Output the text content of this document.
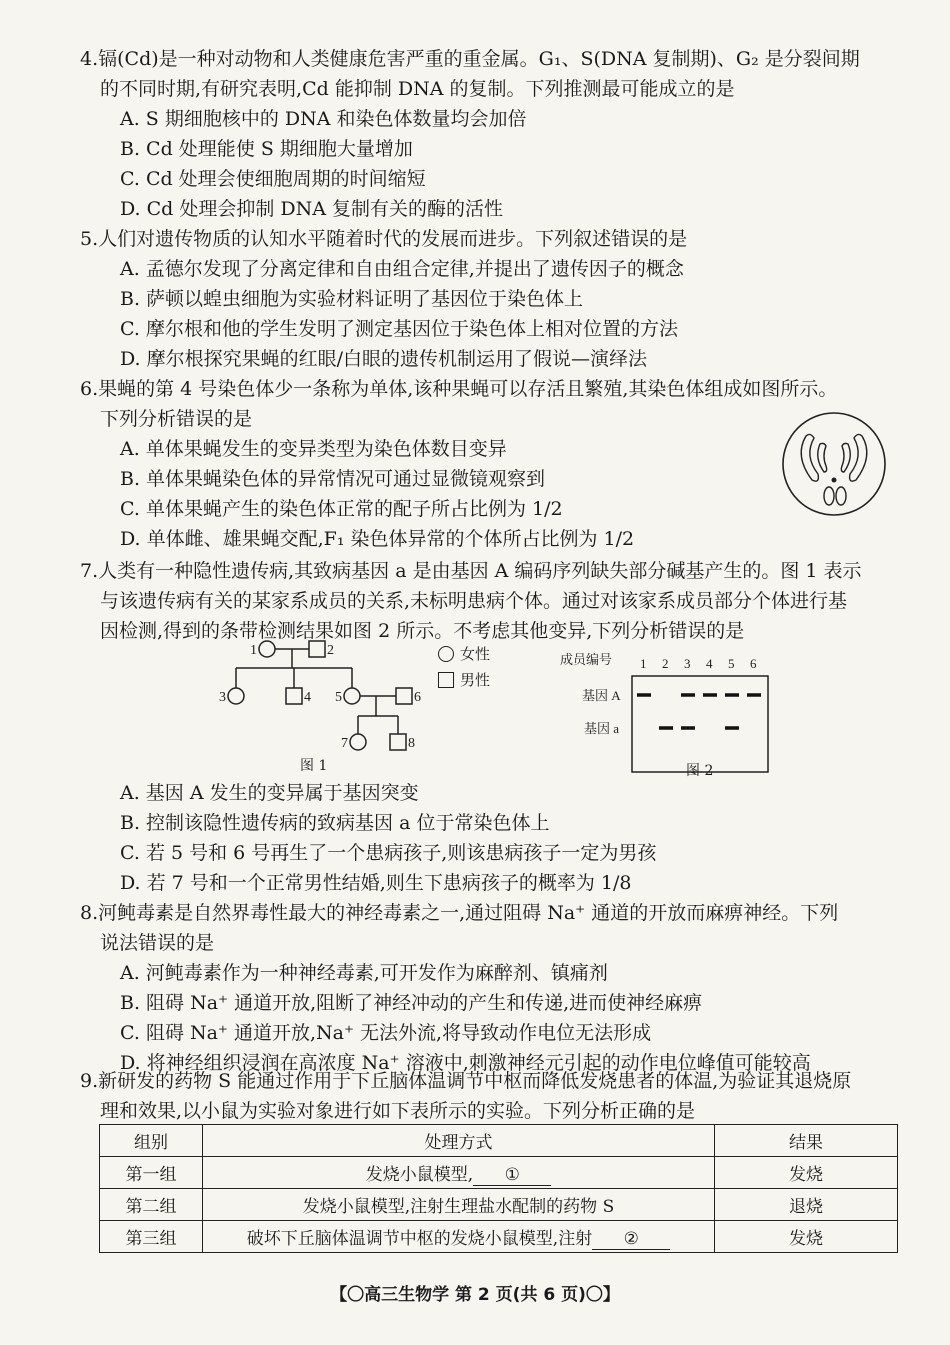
4.镉(Cd)是一种对动物和人类健康危害严重的重金属。G₁、S(DNA 复制期)、G₂ 是分裂间期

的不同时期,有研究表明,Cd 能抑制 DNA 的复制。下列推测最可能成立的是

A. S 期细胞核中的 DNA 和染色体数量均会加倍
B. Cd 处理能使 S 期细胞大量增加
C. Cd 处理会使细胞周期的时间缩短
D. Cd 处理会抑制 DNA 复制有关的酶的活性

5.人们对遗传物质的认知水平随着时代的发展而进步。下列叙述错误的是

A. 孟德尔发现了分离定律和自由组合定律,并提出了遗传因子的概念
B. 萨顿以蝗虫细胞为实验材料证明了基因位于染色体上
C. 摩尔根和他的学生发明了测定基因位于染色体上相对位置的方法
D. 摩尔根探究果蝇的红眼/白眼的遗传机制运用了假说—演绎法

6.果蝇的第 4 号染色体少一条称为单体,该种果蝇可以存活且繁殖,其染色体组成如图所示。

下列分析错误的是

A. 单体果蝇发生的变异类型为染色体数目变异
B. 单体果蝇染色体的异常情况可通过显微镜观察到
C. 单体果蝇产生的染色体正常的配子所占比例为 1/2
D. 单体雌、雄果蝇交配,F₁ 染色体异常的个体所占比例为 1/2

7.人类有一种隐性遗传病,其致病基因 a 是由基因 A 编码序列缺失部分碱基产生的。图 1 表示

与该遗传病有关的某家系成员的关系,未标明患病个体。通过对该家系成员部分个体进行基

因检测,得到的条带检测结果如图 2 所示。不考虑其他变异,下列分析错误的是

1	2
3	4 5	6
7	8
图 1
女性
男性
成员编号 1 2 3 4 5 6
基因 A
基因 a
图 2
A. 基因 A 发生的变异属于基因突变
B. 控制该隐性遗传病的致病基因 a 位于常染色体上
C. 若 5 号和 6 号再生了一个患病孩子,则该患病孩子一定为男孩
D. 若 7 号和一个正常男性结婚,则生下患病孩子的概率为 1/8

8.河鲀毒素是自然界毒性最大的神经毒素之一,通过阻碍 Na⁺ 通道的开放而麻痹神经。下列

说法错误的是

A. 河鲀毒素作为一种神经毒素,可开发作为麻醉剂、镇痛剂
B. 阻碍 Na⁺ 通道开放,阻断了神经冲动的产生和传递,进而使神经麻痹
C. 阻碍 Na⁺ 通道开放,Na⁺ 无法外流,将导致动作电位无法形成
D. 将神经组织浸润在高浓度 Na⁺ 溶液中,刺激神经元引起的动作电位峰值可能较高

9.新研发的药物 S 能通过作用于下丘脑体温调节中枢而降低发烧患者的体温,为验证其退烧原

理和效果,以小鼠为实验对象进行如下表所示的实验。下列分析正确的是

组别	处理方式	结果
第一组	发烧小鼠模型, ①	发烧
第二组	发烧小鼠模型,注射生理盐水配制的药物 S	退烧
第三组	破坏下丘脑体温调节中枢的发烧小鼠模型,注射 ②	发烧
【〇高三生物学 第 2 页(共 6 页)〇】
